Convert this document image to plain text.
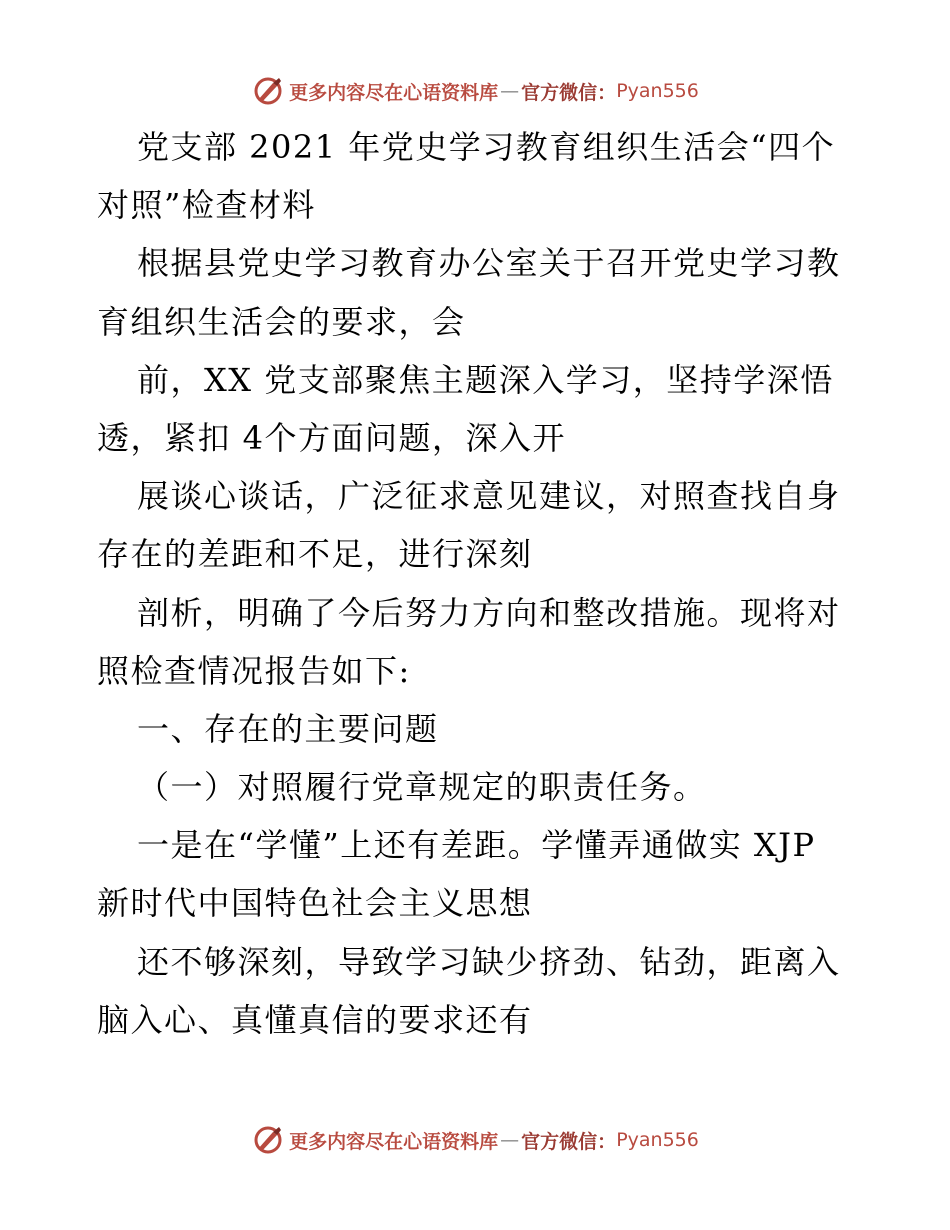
更多内容尽在心语资料库 — 官方微信： Pyan556
党支部 2021 年党史学习教育组织生活会“四个
对照”检查材料
根据县党史学习教育办公室关于召开党史学习教
育组织生活会的要求，会
前，XX 党支部聚焦主题深入学习，坚持学深悟
透，紧扣 4个方面问题，深入开
展谈心谈话，广泛征求意见建议，对照查找自身
存在的差距和不足，进行深刻
剖析，明确了今后努力方向和整改措施。现将对
照检查情况报告如下:
一、存在的主要问题
（一）对照履行党章规定的职责任务。
一是在“学懂”上还有差距。学懂弄通做实 XJP
新时代中国特色社会主义思想
还不够深刻，导致学习缺少挤劲、钻劲，距离入
脑入心、真懂真信的要求还有
更多内容尽在心语资料库 — 官方微信： Pyan556
